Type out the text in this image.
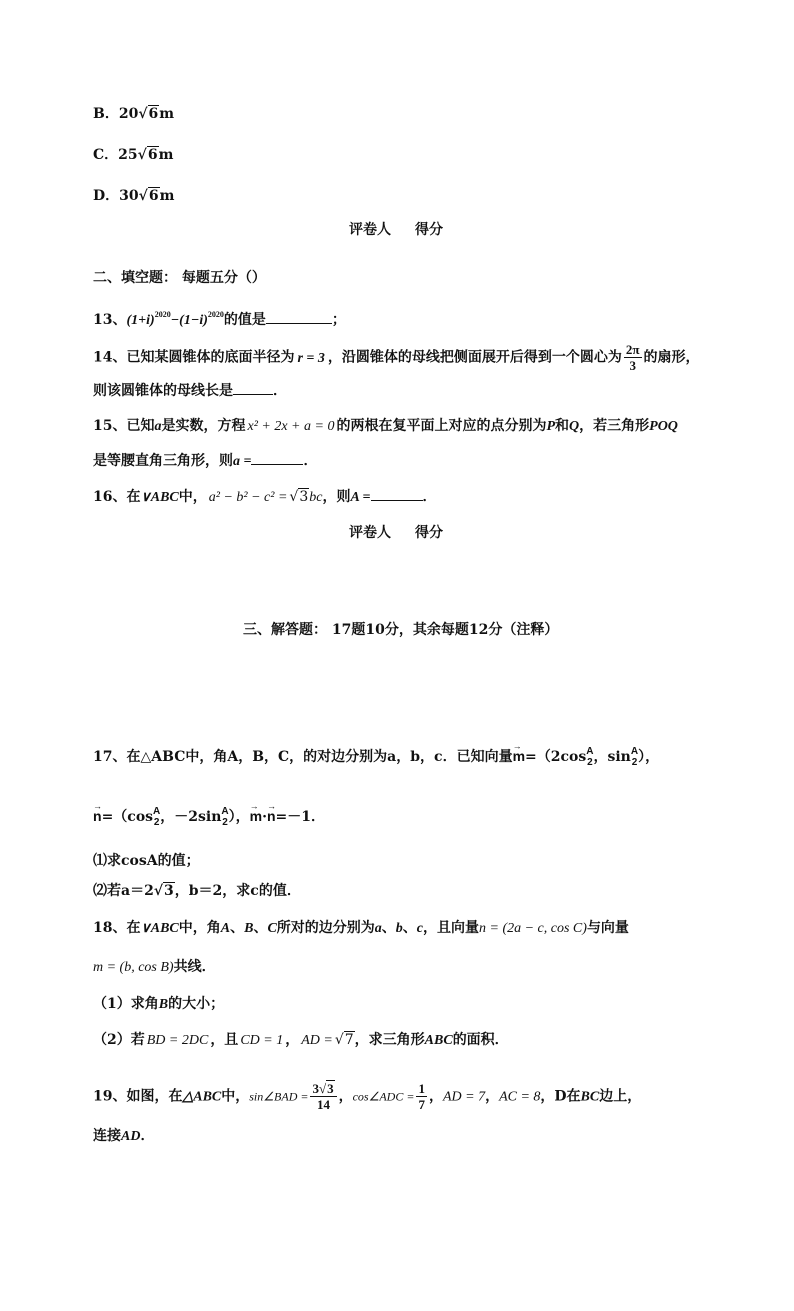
B．20√6m
C．25√6m
D．30√6m
评卷人 得分
二、填空题： 每题五分（）
13、$(1+i)^{2020}-(1-i)^{2020}$的值是	；
14、已知某圆锥体的底面半径为 r = 3 ，沿圆锥体的母线把侧面展开后得到一个圆心为 $\frac{2\pi}{3}$ 的扇形，
则该圆锥体的母线长是	．
15、已知a是实数，方程 x² + 2x + a = 0 的两根在复平面上对应的点分别为P和Q，若三角形POQ
是等腰直角三角形，则a =	．
16、在∨ABC中， a² − b² − c² = √3bc，则A =	．
评卷人 得分
三、解答题： 17题10分，其余每题12分（注释）
17、在△ABC中，角A，B，C，的对边分别为a，b，c．已知向量→ m=（2cos A
2 ，sin A
2 ），
→ n=（cos A
2 ，－2sin A
2 ），→ m·→ n=－1．
⑴求cosA的值；
⑵若a＝2√3，b＝2，求c的值．
18、在∨ABC中，角A、B、C所对的边分别为a、b、c，且向量n = (2a − c, cos C)与向量
m = (b, cos B)共线．
（1）求角B的大小；
（2）若 BD = 2DC ，且 CD = 1 ， AD = √7，求三角形ABC的面积．
19、如图，在△ABC中，sin∠BAD = $\frac{3√3}{14}$ ，cos∠ADC = $\frac{1}{7}$ ，AD = 7，AC = 8，D在BC边上，
连接AD．
